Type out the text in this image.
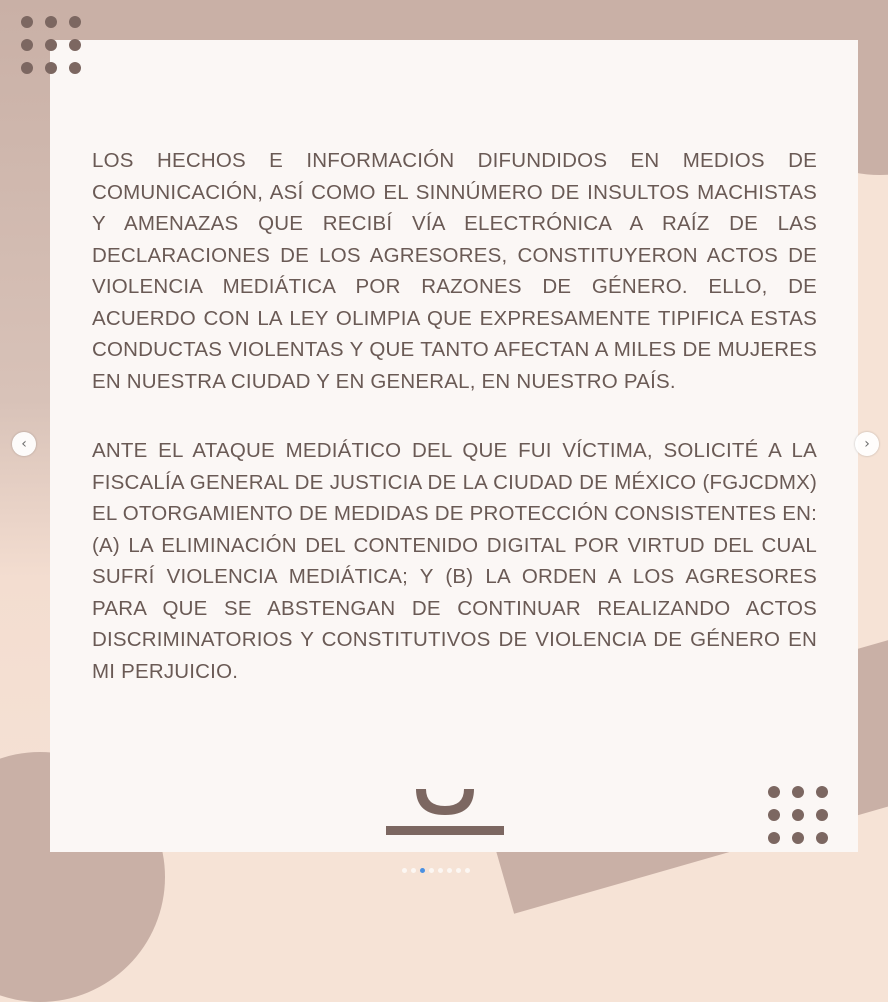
LOS HECHOS E INFORMACIÓN DIFUNDIDOS EN MEDIOS DE COMUNICACIÓN, ASÍ COMO EL SINNÚMERO DE INSULTOS MACHISTAS Y AMENAZAS QUE RECIBÍ VÍA ELECTRÓNICA A RAÍZ DE LAS DECLARACIONES DE LOS AGRESORES, CONSTITUYERON ACTOS DE VIOLENCIA MEDIÁTICA POR RAZONES DE GÉNERO. ELLO, DE ACUERDO CON LA LEY OLIMPIA QUE EXPRESAMENTE TIPIFICA ESTAS CONDUCTAS VIOLENTAS Y QUE TANTO AFECTAN A MILES DE MUJERES EN NUESTRA CIUDAD Y EN GENERAL, EN NUESTRO PAÍS.

ANTE EL ATAQUE MEDIÁTICO DEL QUE FUI VÍCTIMA, SOLICITÉ A LA FISCALÍA GENERAL DE JUSTICIA DE LA CIUDAD DE MÉXICO (FGJCDMX) EL OTORGAMIENTO DE MEDIDAS DE PROTECCIÓN CONSISTENTES EN: (A) LA ELIMINACIÓN DEL CONTENIDO DIGITAL POR VIRTUD DEL CUAL SUFRÍ VIOLENCIA MEDIÁTICA; Y (B) LA ORDEN A LOS AGRESORES PARA QUE SE ABSTENGAN DE CONTINUAR REALIZANDO ACTOS DISCRIMINATORIOS Y CONSTITUTIVOS DE VIOLENCIA DE GÉNERO EN MI PERJUICIO.

‹	›
